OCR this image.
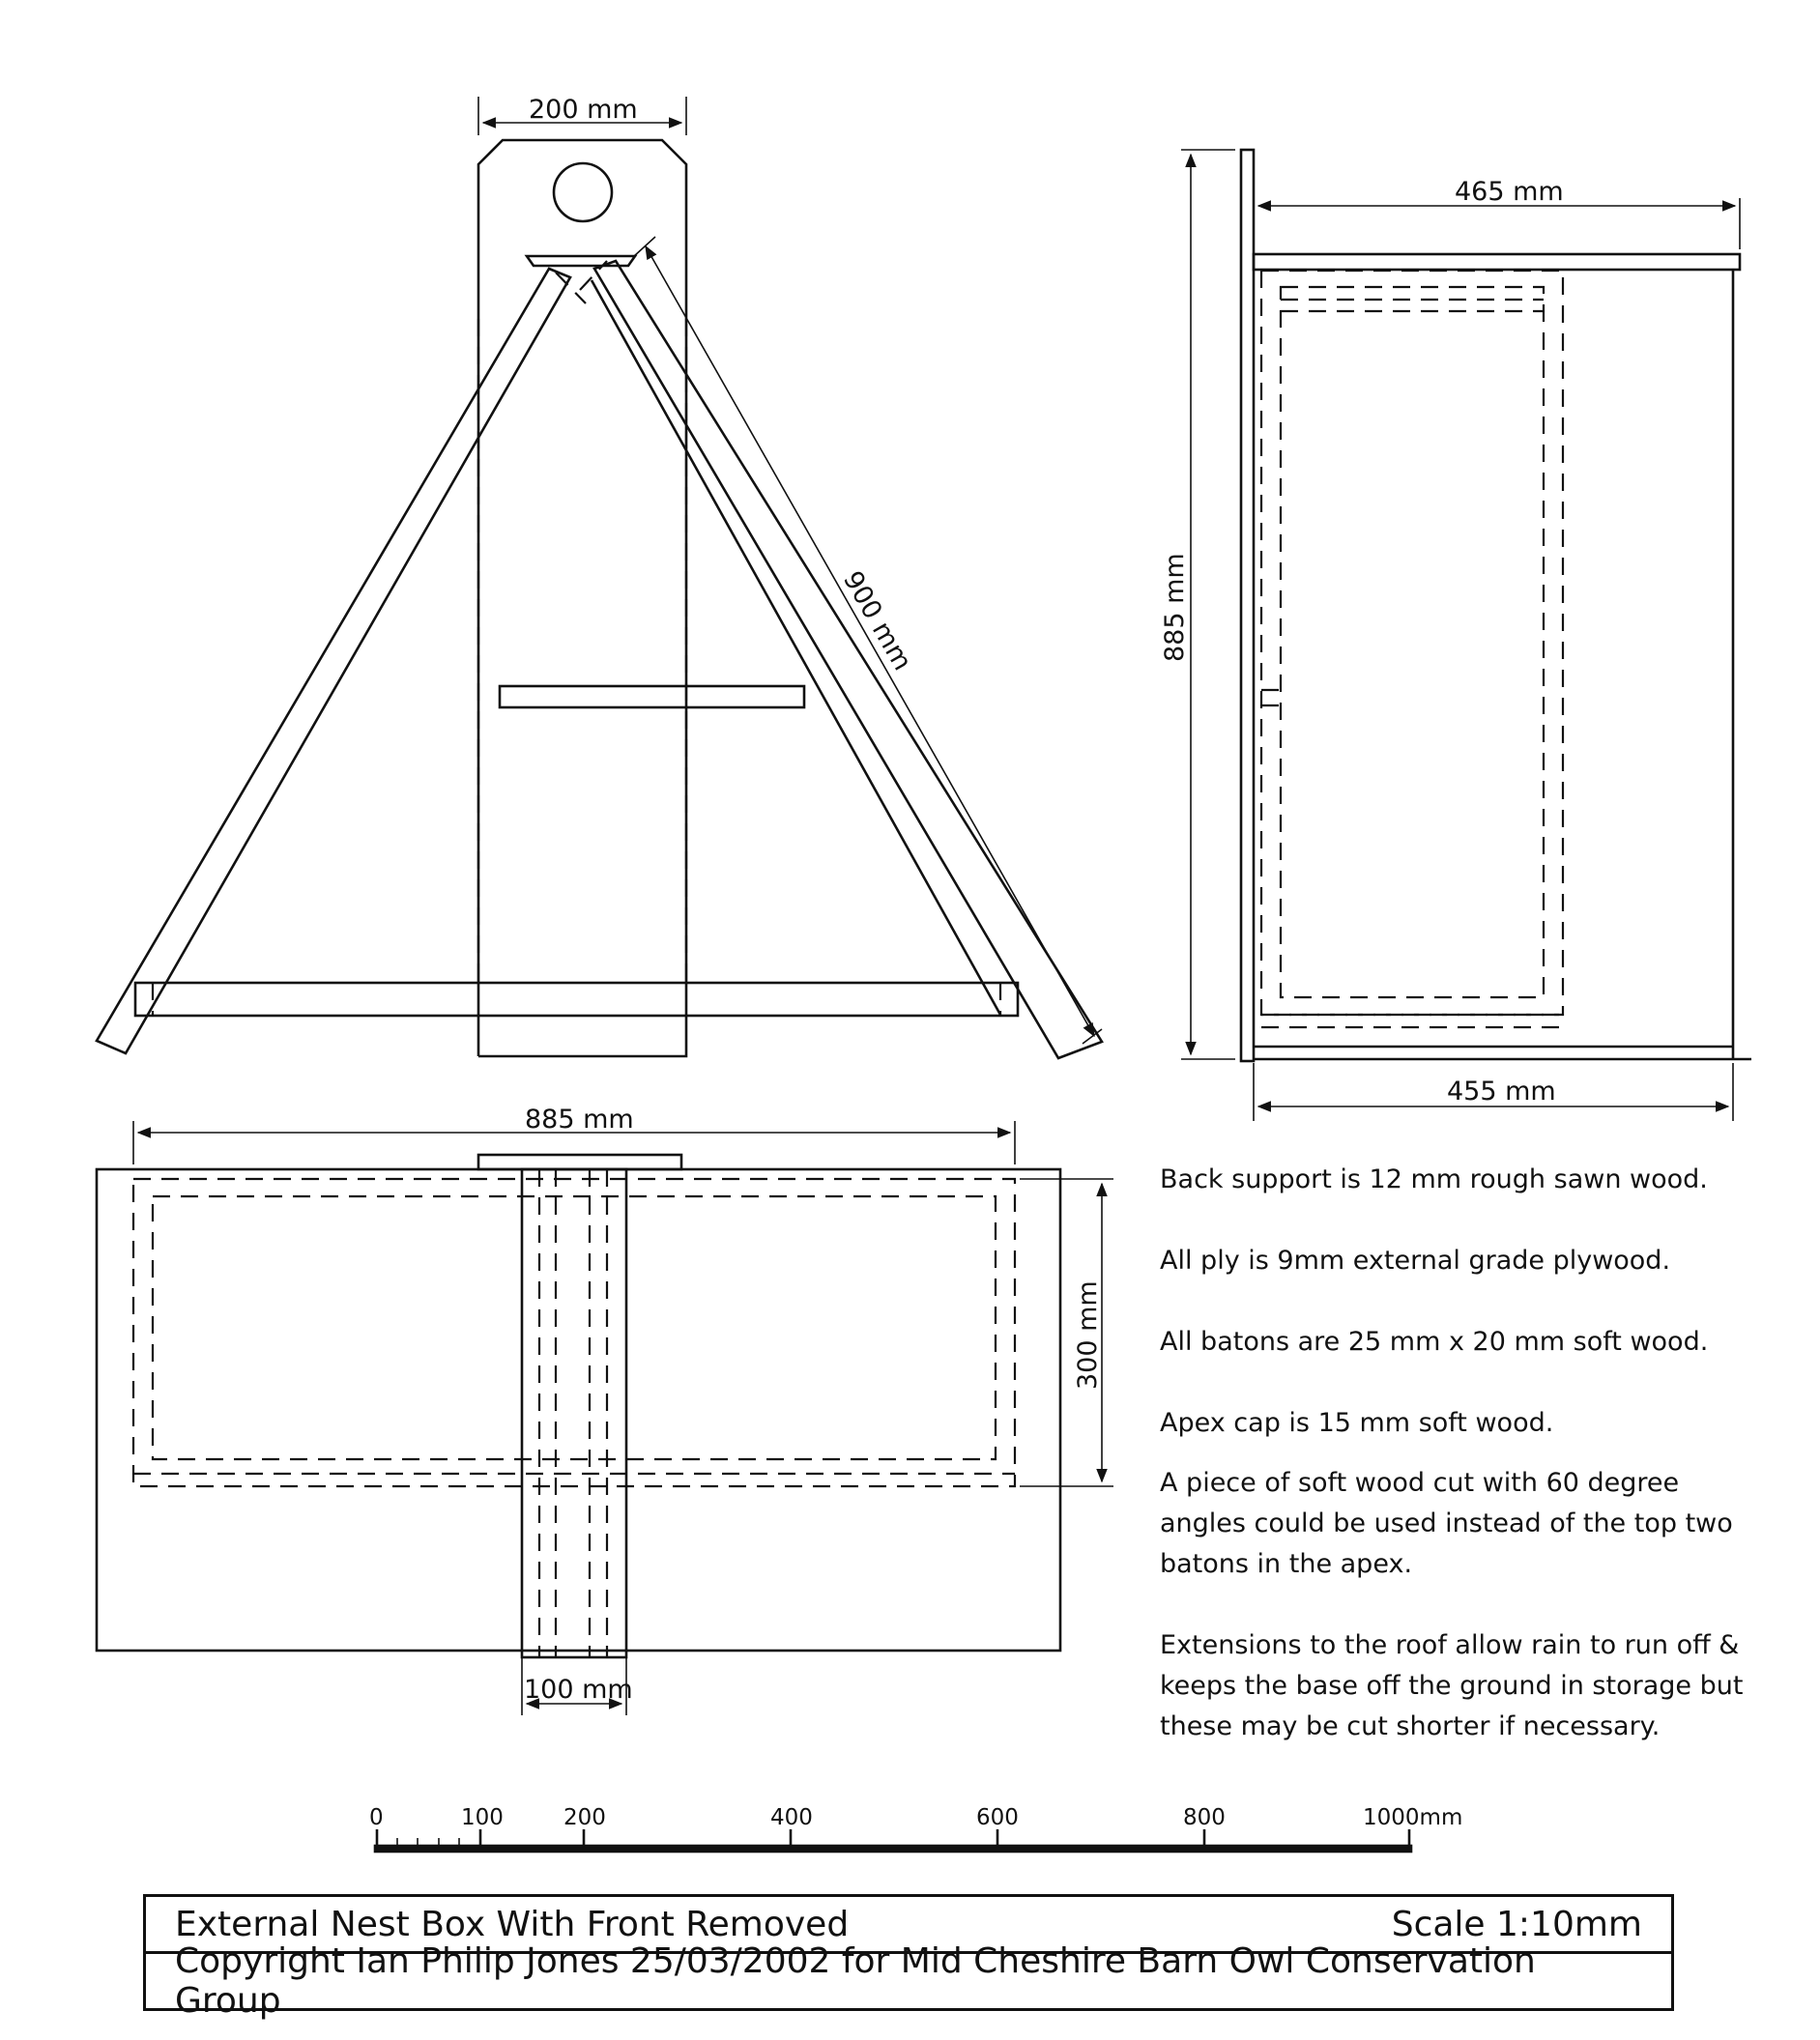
200 mm
900 mm
465 mm
885 mm
455 mm
885 mm
300 mm
100 mm
0	100	200	400	600	800	1000mm

Back support is 12 mm rough sawn wood.

All ply is 9mm external grade plywood.

All batons are 25 mm x 20 mm soft wood.

Apex cap is 15 mm soft wood.

A piece of soft wood cut with 60 degree angles could be used instead of the top two batons in the apex.

Extensions to the roof allow rain to run off & keeps the base off the ground in storage but these may be cut shorter if necessary.

External Nest Box With Front Removed	Scale 1:10mm
Copyright Ian Philip Jones 25/03/2002 for Mid Cheshire Barn Owl Conservation Group
